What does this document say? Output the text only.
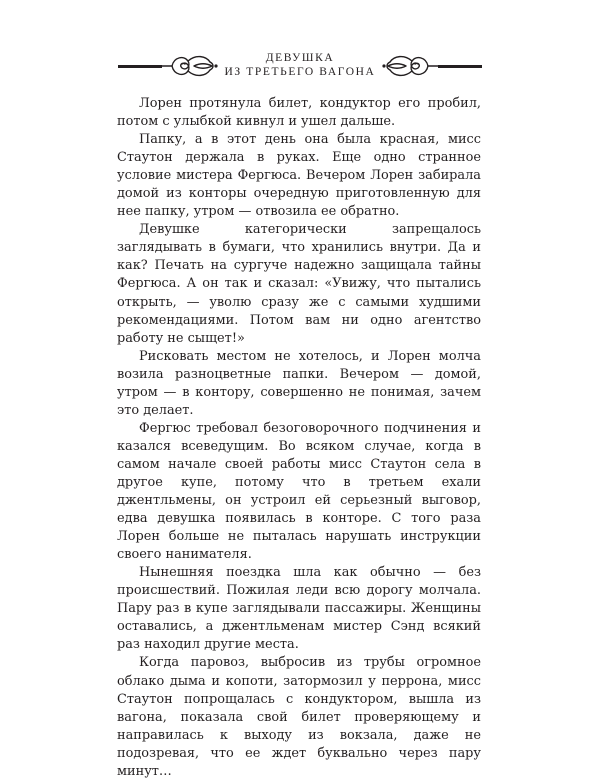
ДЕВУШКА
ИЗ ТРЕТЬЕГО ВАГОНА

Лорен протянула билет, кондуктор его пробил, потом с улыбкой кивнул и ушел дальше.

Папку, а в этот день она была красная, мисс Стаутон держала в руках. Еще одно странное условие мистера Фергюса. Вечером Лорен забирала домой из конторы очередную приготовленную для нее папку, утром — отвозила ее обратно.

Девушке категорически запрещалось заглядывать в бумаги, что хранились внутри. Да и как? Печать на сургуче надежно защищала тайны Фергюса. А он так и сказал: «Увижу, что пытались открыть, — уволю сразу же с самыми худшими рекомендациями. Потом вам ни одно агентство работу не сыщет!»

Рисковать местом не хотелось, и Лорен молча возила разноцветные папки. Вечером — домой, утром — в контору, совершенно не понимая, зачем это делает.

Фергюс требовал безоговорочного подчинения и казался всеведущим. Во всяком случае, когда в самом начале своей работы мисс Стаутон села в другое купе, потому что в третьем ехали джентльмены, он устроил ей серьезный выговор, едва девушка появилась в конторе. С того раза Лорен больше не пыталась нарушать инструкции своего нанимателя.

Нынешняя поездка шла как обычно — без происшествий. Пожилая леди всю дорогу молчала. Пару раз в купе заглядывали пассажиры. Женщины оставались, а джентльменам мистер Сэнд всякий раз находил другие места.

Когда паровоз, выбросив из трубы огромное облако дыма и копоти, затормозил у перрона, мисс Стаутон попрощалась с кондуктором, вышла из вагона, показала свой билет проверяющему и направилась к выходу из вокзала, даже не подозревая, что ее ждет буквально через пару минут…
